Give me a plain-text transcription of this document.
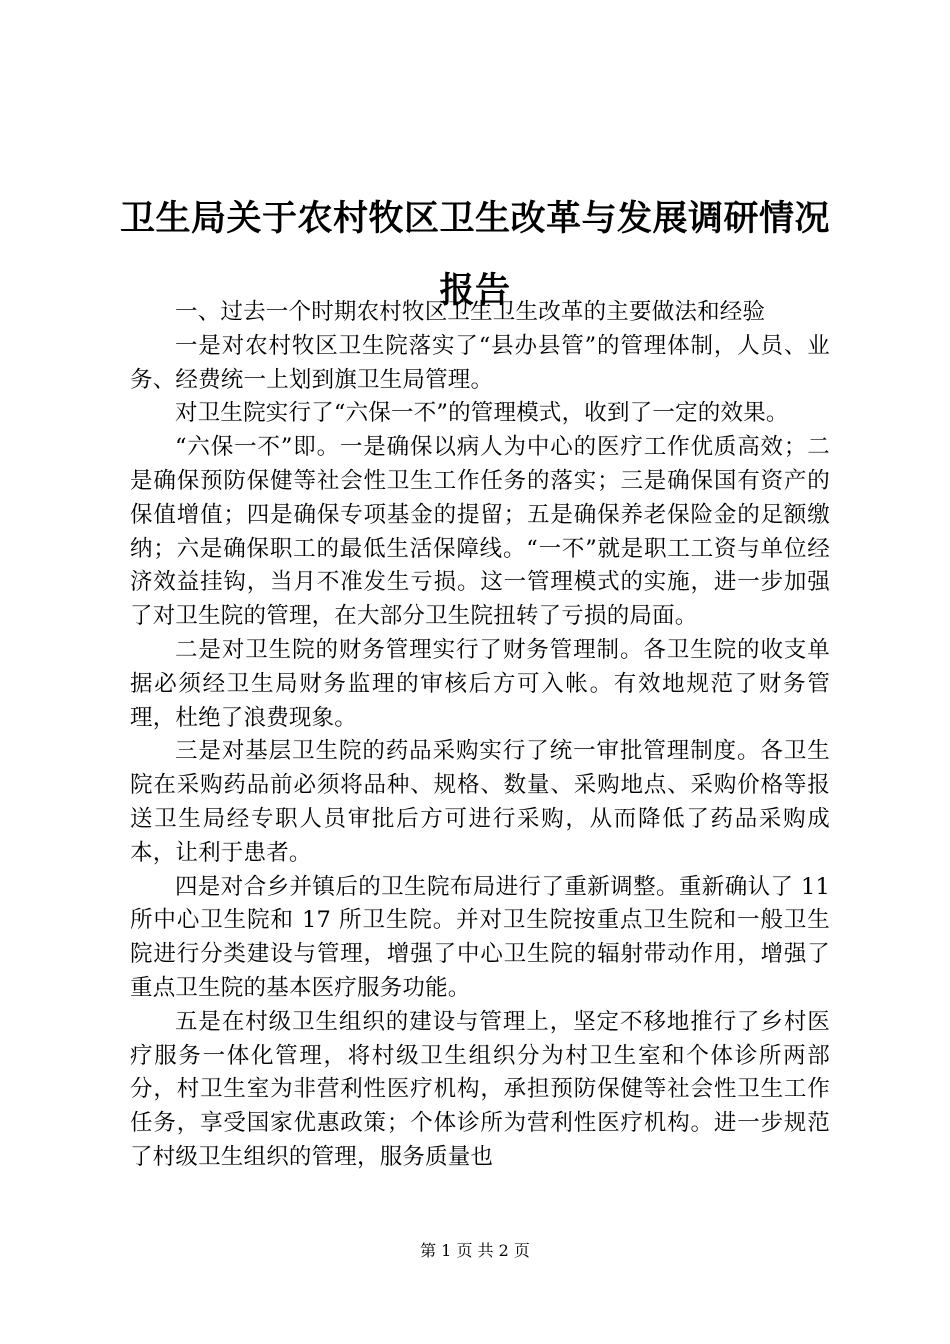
卫生局关于农村牧区卫生改革与发展调研情况报告

一、过去一个时期农村牧区卫生卫生改革的主要做法和经验

一是对农村牧区卫生院落实了“县办县管”的管理体制，人员、业务、经费统一上划到旗卫生局管理。

对卫生院实行了“六保一不”的管理模式，收到了一定的效果。

“六保一不”即。一是确保以病人为中心的医疗工作优质高效；二是确保预防保健等社会性卫生工作任务的落实；三是确保国有资产的保值增值；四是确保专项基金的提留；五是确保养老保险金的足额缴纳；六是确保职工的最低生活保障线。“一不”就是职工工资与单位经济效益挂钩，当月不准发生亏损。这一管理模式的实施，进一步加强了对卫生院的管理，在大部分卫生院扭转了亏损的局面。

二是对卫生院的财务管理实行了财务管理制。各卫生院的收支单据必须经卫生局财务监理的审核后方可入帐。有效地规范了财务管理，杜绝了浪费现象。

三是对基层卫生院的药品采购实行了统一审批管理制度。各卫生院在采购药品前必须将品种、规格、数量、采购地点、采购价格等报送卫生局经专职人员审批后方可进行采购，从而降低了药品采购成本，让利于患者。

四是对合乡并镇后的卫生院布局进行了重新调整。重新确认了 11 所中心卫生院和 17 所卫生院。并对卫生院按重点卫生院和一般卫生院进行分类建设与管理，增强了中心卫生院的辐射带动作用，增强了重点卫生院的基本医疗服务功能。

五是在村级卫生组织的建设与管理上，坚定不移地推行了乡村医疗服务一体化管理，将村级卫生组织分为村卫生室和个体诊所两部分，村卫生室为非营利性医疗机构，承担预防保健等社会性卫生工作任务，享受国家优惠政策；个体诊所为营利性医疗机构。进一步规范了村级卫生组织的管理，服务质量也

第 1 页 共 2 页
